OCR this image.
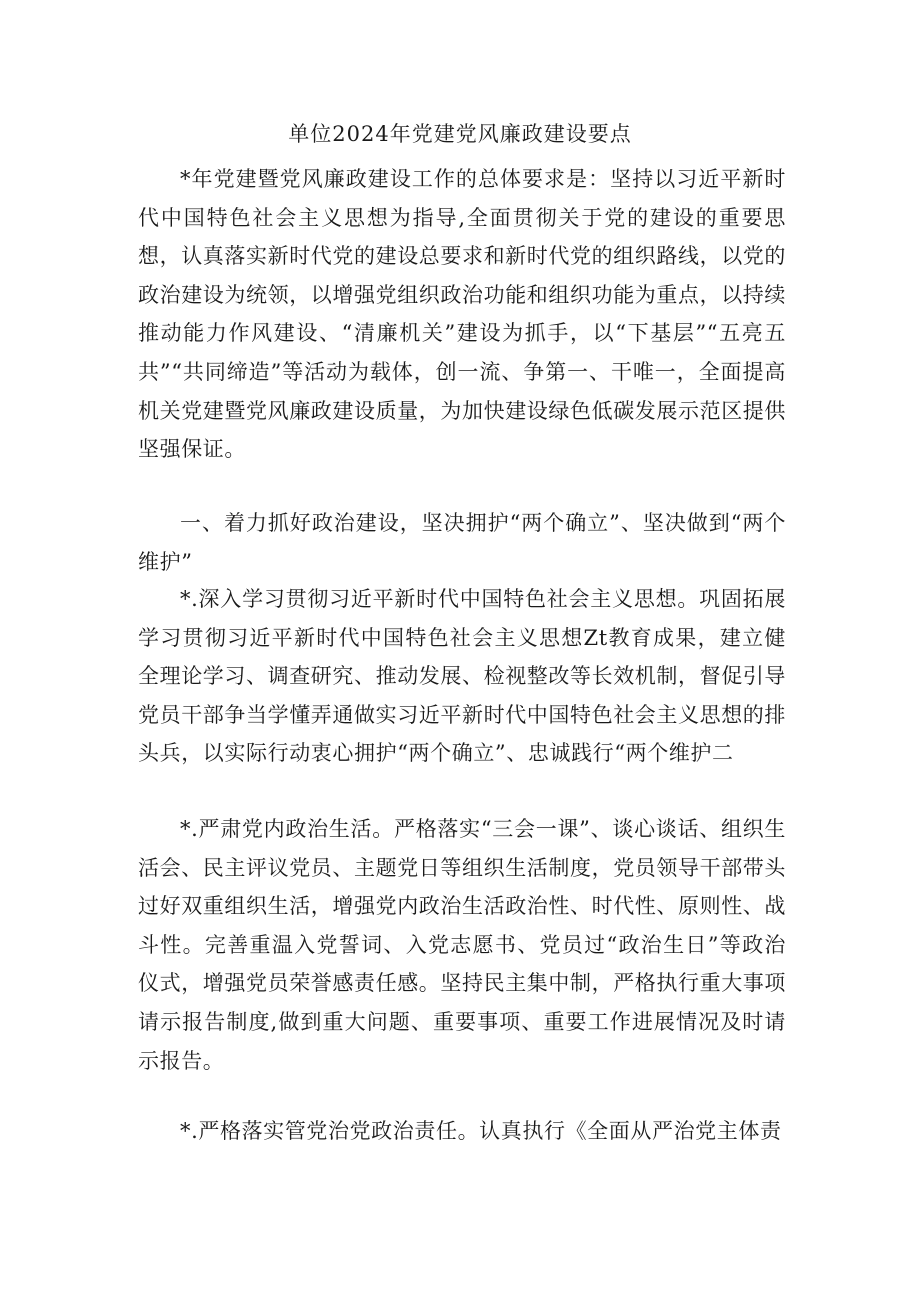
单位2024年党建党风廉政建设要点

*年党建暨党风廉政建设工作的总体要求是：坚持以习近平新时代中国特色社会主义思想为指导,全面贯彻关于党的建设的重要思想，认真落实新时代党的建设总要求和新时代党的组织路线，以党的政治建设为统领，以增强党组织政治功能和组织功能为重点，以持续推动能力作风建设、“清廉机关”建设为抓手，以“下基层”“五亮五共”“共同缔造”等活动为载体，创一流、争第一、干唯一，全面提高机关党建暨党风廉政建设质量，为加快建设绿色低碳发展示范区提供坚强保证。

一、着力抓好政治建设，坚决拥护“两个确立”、坚决做到“两个维护”

*.深入学习贯彻习近平新时代中国特色社会主义思想。巩固拓展学习贯彻习近平新时代中国特色社会主义思想Zt教育成果，建立健全理论学习、调查研究、推动发展、检视整改等长效机制，督促引导党员干部争当学懂弄通做实习近平新时代中国特色社会主义思想的排头兵，以实际行动衷心拥护“两个确立”、忠诚践行“两个维护二

*.严肃党内政治生活。严格落实“三会一课”、谈心谈话、组织生活会、民主评议党员、主题党日等组织生活制度，党员领导干部带头过好双重组织生活，增强党内政治生活政治性、时代性、原则性、战斗性。完善重温入党誓词、入党志愿书、党员过“政治生日”等政治仪式，增强党员荣誉感责任感。坚持民主集中制，严格执行重大事项请示报告制度,做到重大问题、重要事项、重要工作进展情况及时请示报告。

*.严格落实管党治党政治责任。认真执行《全面从严治党主体责
